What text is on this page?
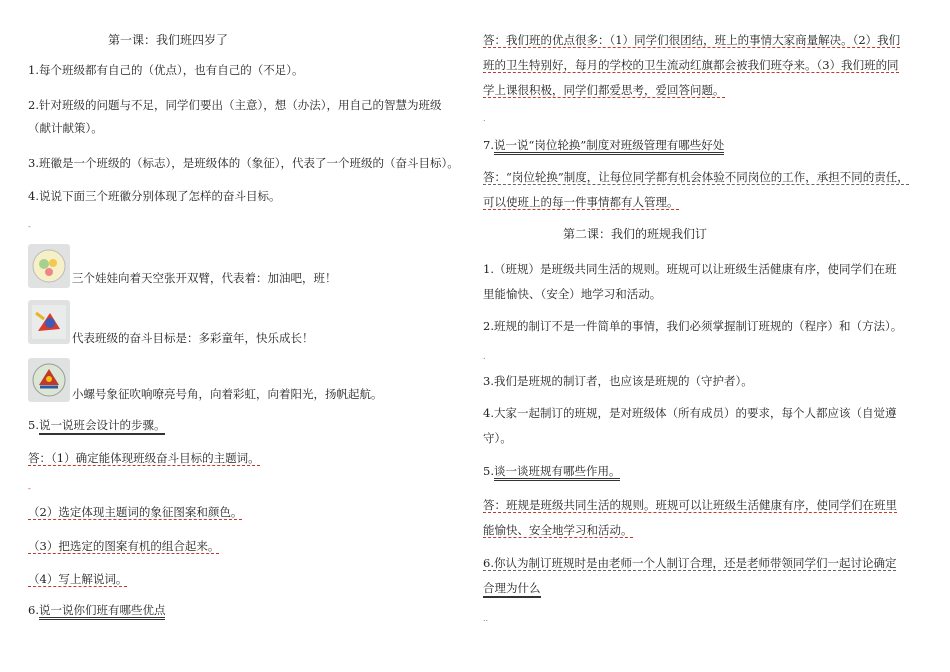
第一课：我们班四岁了
1.每个班级都有自己的（优点），也有自己的（不足）。
2.针对班级的问题与不足，同学们要出（主意），想（办法），用自己的智慧为班级
（献计献策）。
3.班徽是一个班级的（标志），是班级体的（象征），代表了一个班级的（奋斗目标）。
4.说说下面三个班徽分别体现了怎样的奋斗目标。
-
三个娃娃向着天空张开双臂，代表着：加油吧，班！
代表班级的奋斗目标是：多彩童年，快乐成长！
小螺号象征吹响嘹亮号角，向着彩虹，向着阳光，扬帆起航。
5.说一说班会设计的步骤。
答：（1）确定能体现班级奋斗目标的主题词。
-
（2）选定体现主题词的象征图案和颜色。
（3）把选定的图案有机的组合起来。
（4）写上解说词。
6.说一说你们班有哪些优点
答：我们班的优点很多：（1）同学们很团结，班上的事情大家商量解决。（2）我们
班的卫生特别好，每月的学校的卫生流动红旗都会被我们班夺来。（3）我们班的同
学上课很积极，同学们都爱思考，爱回答问题。
.
7.说一说“岗位轮换”制度对班级管理有哪些好处
答：“岗位轮换”制度，让每位同学都有机会体验不同岗位的工作，承担不同的责任，
可以使班上的每一件事情都有人管理。
第二课：我们的班规我们订
1.（班规）是班级共同生活的规则。班规可以让班级生活健康有序，使同学们在班
里能愉快、（安全）地学习和活动。
2.班规的制订不是一件简单的事情，我们必须掌握制订班规的（程序）和（方法）。
.
3.我们是班规的制订者，也应该是班规的（守护者）。
4.大家一起制订的班规，是对班级体（所有成员）的要求，每个人都应该（自觉遵
守）。
5.谈一谈班规有哪些作用。
答：班规是班级共同生活的规则。班规可以让班级生活健康有序，使同学们在班里
能愉快、安全地学习和活动。
6.你认为制订班规时是由老师一个人制订合理，还是老师带领同学们一起讨论确定
合理为什么
..
